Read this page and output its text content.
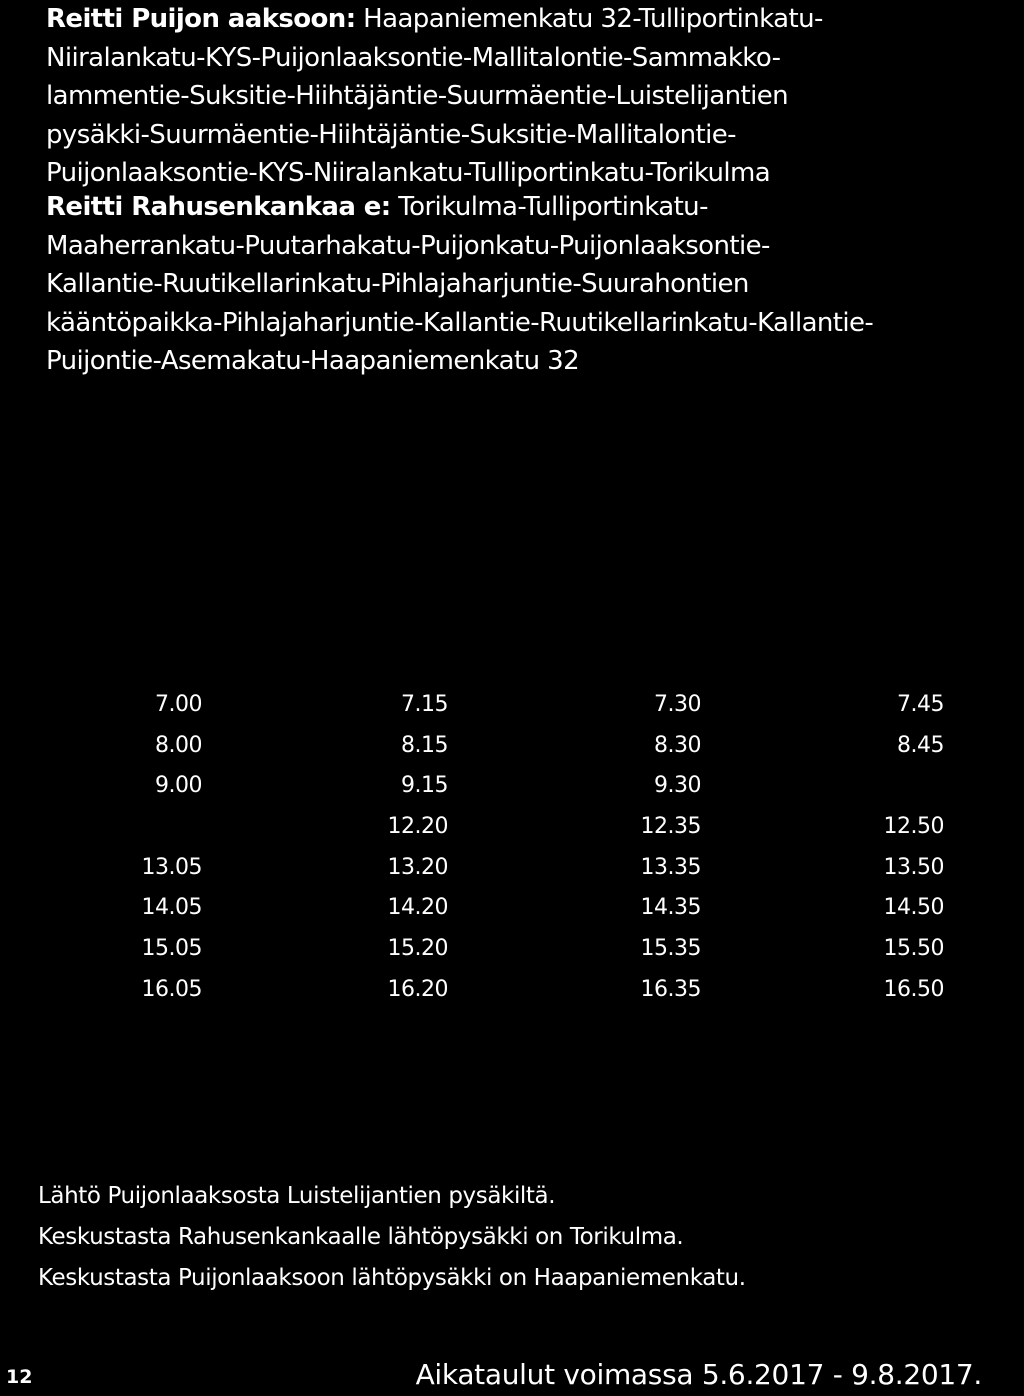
Reitti Puijon aaksoon: Haapaniemenkatu 32-Tulliportinkatu-
Niiralankatu-KYS-Puijonlaaksontie-Mallitalontie-Sammakko-
lammentie-Suksitie-Hiihtäjäntie-Suurmäentie-Luistelijantien
pysäkki-Suurmäentie-Hiihtäjäntie-Suksitie-Mallitalontie-
Puijonlaaksontie-KYS-Niiralankatu-Tulliportinkatu-Torikulma

Reitti Rahusenkankaa e: Torikulma-Tulliportinkatu-
Maaherrankatu-Puutarhakatu-Puijonkatu-Puijonlaaksontie-
Kallantie-Ruutikellarinkatu-Pihlajaharjuntie-Suurahontien
kääntöpaikka-Pihlajaharjuntie-Kallantie-Ruutikellarinkatu-Kallantie-
Puijontie-Asemakatu-Haapaniemenkatu 32

7.00	7.15	7.30	7.45
8.00	8.15	8.30	8.45
9.00	9.15	9.30	
	12.20	12.35	12.50
13.05	13.20	13.35	13.50
14.05	14.20	14.35	14.50
15.05	15.20	15.35	15.50
16.05	16.20	16.35	16.50
Lähtö Puijonlaaksosta Luistelijantien pysäkiltä.
Keskustasta Rahusenkankaalle lähtöpysäkki on Torikulma.
Keskustasta Puijonlaaksoon lähtöpysäkki on Haapaniemenkatu.
12	Aikataulut voimassa 5.6.2017 - 9.8.2017.
